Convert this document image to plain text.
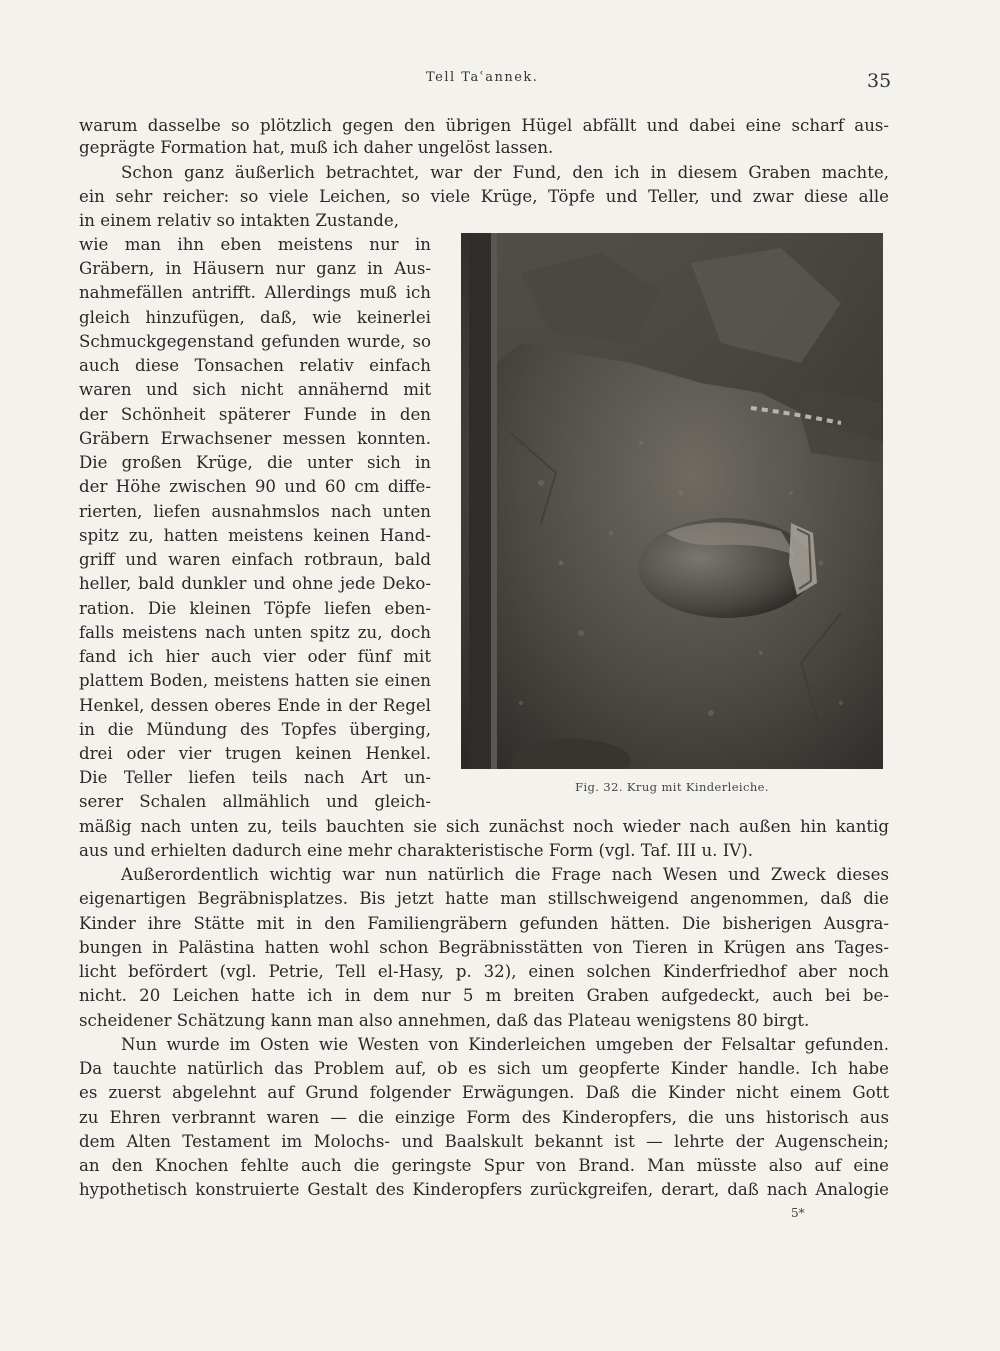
Tell Taʿannek.	35
warum dasselbe so plötzlich gegen den übrigen Hügel abfällt und dabei eine scharf aus-
geprägte Formation hat, muß ich daher ungelöst lassen.
Schon ganz äußerlich betrachtet, war der Fund, den ich in diesem Graben machte,
ein sehr reicher: so viele Leichen, so viele Krüge, Töpfe und Teller, und zwar diese alle
in einem relativ so intakten Zustande,
wie man ihn eben meistens nur in
Gräbern, in Häusern nur ganz in Aus-
nahmefällen antrifft. Allerdings muß ich
gleich hinzufügen, daß, wie keinerlei
Schmuckgegenstand gefunden wurde, so
auch diese Tonsachen relativ einfach
waren und sich nicht annähernd mit
der Schönheit späterer Funde in den
Gräbern Erwachsener messen konnten.
Die großen Krüge, die unter sich in
der Höhe zwischen 90 und 60 cm diffe-
rierten, liefen ausnahmslos nach unten
spitz zu, hatten meistens keinen Hand-
griff und waren einfach rotbraun, bald
heller, bald dunkler und ohne jede Deko-
ration. Die kleinen Töpfe liefen eben-
falls meistens nach unten spitz zu, doch
fand ich hier auch vier oder fünf mit
plattem Boden, meistens hatten sie einen
Henkel, dessen oberes Ende in der Regel
in die Mündung des Topfes überging,
drei oder vier trugen keinen Henkel.
Die Teller liefen teils nach Art un-
serer Schalen allmählich und gleich-
mäßig nach unten zu, teils bauchten sie sich zunächst noch wieder nach außen hin kantig
aus und erhielten dadurch eine mehr charakteristische Form (vgl. Taf. III u. IV).
Außerordentlich wichtig war nun natürlich die Frage nach Wesen und Zweck dieses
eigenartigen Begräbnisplatzes. Bis jetzt hatte man stillschweigend angenommen, daß die
Kinder ihre Stätte mit in den Familiengräbern gefunden hätten. Die bisherigen Ausgra-
bungen in Palästina hatten wohl schon Begräbnisstätten von Tieren in Krügen ans Tages-
licht befördert (vgl. Petrie, Tell el-Hasy, p. 32), einen solchen Kinderfriedhof aber noch
nicht. 20 Leichen hatte ich in dem nur 5 m breiten Graben aufgedeckt, auch bei be-
scheidener Schätzung kann man also annehmen, daß das Plateau wenigstens 80 birgt.
Nun wurde im Osten wie Westen von Kinderleichen umgeben der Felsaltar gefunden.
Da tauchte natürlich das Problem auf, ob es sich um geopferte Kinder handle. Ich habe
es zuerst abgelehnt auf Grund folgender Erwägungen. Daß die Kinder nicht einem Gott
zu Ehren verbrannt waren — die einzige Form des Kinderopfers, die uns historisch aus
dem Alten Testament im Molochs- und Baalskult bekannt ist — lehrte der Augenschein;
an den Knochen fehlte auch die geringste Spur von Brand. Man müsste also auf eine
hypothetisch konstruierte Gestalt des Kinderopfers zurückgreifen, derart, daß nach Analogie
5*
Fig. 32. Krug mit Kinderleiche.
